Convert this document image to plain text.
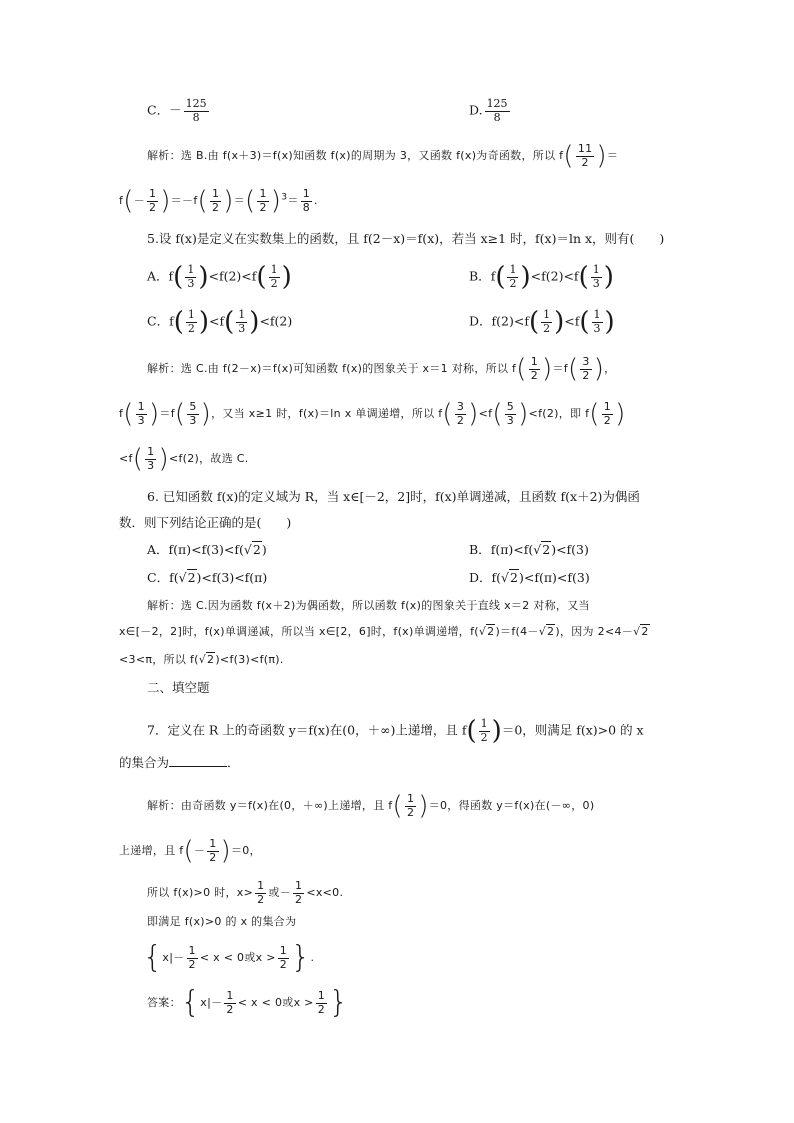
C．－ $\frac{125}{8}$	D. $\frac{125}{8}$
解析：选 B.由 f(x＋3)＝f(x)知函数 f(x)的周期为 3，又函数 f(x)为奇函数，所以 $f( \frac{11}{2}$ )＝
$f(- \frac{1}{2} )=-f( \frac{1}{2}$ )＝( $\frac{1}{2} )^3= \frac{1}{8}$ .
5.设 f(x)是定义在实数集上的函数，且 f(2－x)＝f(x)，若当 x≥1 时，f(x)＝ln x，则有(　　)
A．$f( \frac{1}{3} )<f(2)<f( \frac{1}{2}$ )	B．$f( \frac{1}{2} )<f(2)<f( \frac{1}{3}$ )
C．$f( \frac{1}{2} )<f( \frac{1}{3} )<f(2)$	D．$f(2)<f( \frac{1}{2} )<f( \frac{1}{3}$ )
解析：选 C.由 f(2－x)＝f(x)可知函数 f(x)的图象关于 x＝1 对称，所以 $f( \frac{1}{2} )=f( \frac{3}{2}$ )，
$f( \frac{1}{3} )=f( \frac{5}{3}$ )，又当 x≥1 时，f(x)＝ln x 单调递增，所以 $f( \frac{3}{2} )<f( \frac{5}{3} )<f(2)$，即 $f( \frac{1}{2}$ )
$<f( \frac{1}{3} )<f(2)$，故选 C.
6. 已知函数 f(x)的定义域为 R，当 x∈[－2，2]时，f(x)单调递减，且函数 f(x＋2)为偶函
数．则下列结论正确的是(　　)
A．f(π)<f(3)<f(√2)	B．f(π)<f(√2)<f(3)
C．f(√2)<f(3)<f(π)	D．f(√2)<f(π)<f(3)
解析：选 C.因为函数 f(x＋2)为偶函数，所以函数 f(x)的图象关于直线 x＝2 对称，又当
x∈[－2，2]时，f(x)单调递减，所以当 x∈[2，6]时，f(x)单调递增，f(√2)＝f(4－√2)，因为 2<4－√2
<3<π，所以 f(√2)<f(3)<f(π).
二、填空题
7．定义在 R 上的奇函数 y＝f(x)在(0，＋∞)上递增，且 $f( \frac{1}{2} )=0$，则满足 f(x)>0 的 x
的集合为	．
解析：由奇函数 y＝f(x)在(0，＋∞)上递增，且 $f( \frac{1}{2} )=0$，得函数 y＝f(x)在(－∞，0)
上递增，且 $f(- \frac{1}{2} )=0$，
所以 f(x)>0 时，$x> \frac{1}{2}$ 或－ $\frac{1}{2} <x<0$.
即满足 f(x)>0 的 x 的集合为
{$x|- \frac{1}{2} < x < 0$或$x > \frac{1}{2}$ }.
答案：{$x|- \frac{1}{2} < x < 0$或$x > \frac{1}{2}$ }
